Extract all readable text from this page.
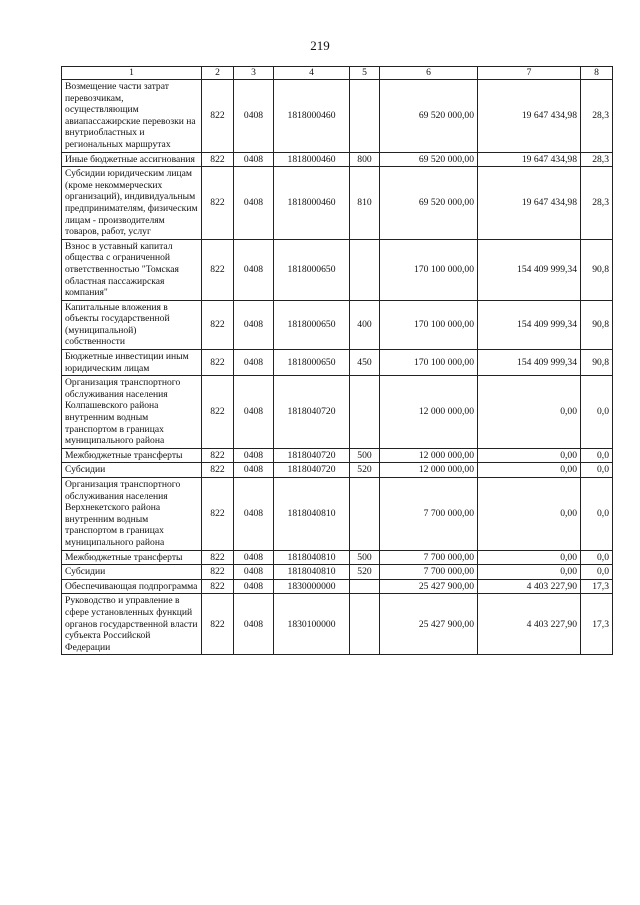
219
1	2	3	4	5	6	7	8
Возмещение части затрат перевозчикам, осуществляющим авиапассажирские перевозки на внутриобластных и региональных маршрутах	822	0408	1818000460		69 520 000,00	19 647 434,98	28,3
Иные бюджетные ассигнования	822	0408	1818000460	800	69 520 000,00	19 647 434,98	28,3
Субсидии юридическим лицам (кроме некоммерческих организаций), индивидуальным предпринимателям, физическим лицам - производителям товаров, работ, услуг	822	0408	1818000460	810	69 520 000,00	19 647 434,98	28,3
Взнос в уставный капитал общества с ограниченной ответственностью "Томская областная пассажирская компания"	822	0408	1818000650		170 100 000,00	154 409 999,34	90,8
Капитальные вложения в объекты государственной (муниципальной) собственности	822	0408	1818000650	400	170 100 000,00	154 409 999,34	90,8
Бюджетные инвестиции иным юридическим лицам	822	0408	1818000650	450	170 100 000,00	154 409 999,34	90,8
Организация транспортного обслуживания населения Колпашевского района внутренним водным транспортом в границах муниципального района	822	0408	1818040720		12 000 000,00	0,00	0,0
Межбюджетные трансферты	822	0408	1818040720	500	12 000 000,00	0,00	0,0
Субсидии	822	0408	1818040720	520	12 000 000,00	0,00	0,0
Организация транспортного обслуживания населения Верхнекетского района внутренним водным транспортом в границах муниципального района	822	0408	1818040810		7 700 000,00	0,00	0,0
Межбюджетные трансферты	822	0408	1818040810	500	7 700 000,00	0,00	0,0
Субсидии	822	0408	1818040810	520	7 700 000,00	0,00	0,0
Обеспечивающая подпрограмма	822	0408	1830000000		25 427 900,00	4 403 227,90	17,3
Руководство и управление в сфере установленных функций органов государственной власти субъекта Российской Федерации	822	0408	1830100000		25 427 900,00	4 403 227,90	17,3
